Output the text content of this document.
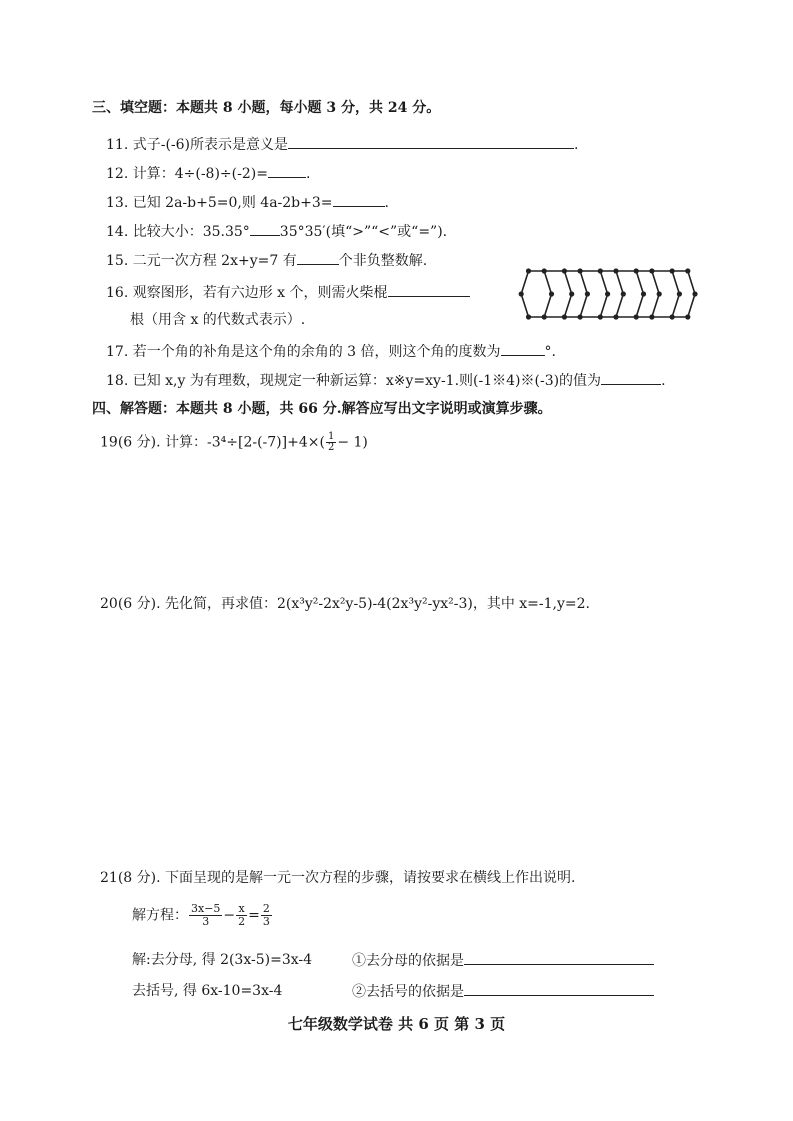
三、填空题：本题共 8 小题，每小题 3 分，共 24 分。
11. 式子-(-6)所表示是意义是	.
12. 计算：4÷(-8)÷(-2)=	.
13. 已知 2a-b+5=0,则 4a-2b+3=	.
14. 比较大小：35.35° 35°35′(填“>”“<”或“=”).
15. 二元一次方程 2x+y=7 有	个非负整数解.
16. 观察图形，若有六边形 x 个，则需火柴棍
根（用含 x 的代数式表示）.
17. 若一个角的补角是这个角的余角的 3 倍，则这个角的度数为	°.
18. 已知 x,y 为有理数，现规定一种新运算：x※y=xy-1.则(-1※4)※(-3)的值为	.
四、解答题：本题共 8 小题，共 66 分.解答应写出文字说明或演算步骤。
19(6 分). 计算：$-3^4\div[2-(-7)]+4\times( \frac{1}{2} - 1)$
20(6 分). 先化简，再求值：2(x³y²-2x²y-5)-4(2x³y²-yx²-3)，其中 x=-1,y=2.
21(8 分). 下面呈现的是解一元一次方程的步骤，请按要求在横线上作出说明.
解方程： $\frac{3x-5}{3} - \frac{x}{2} = \frac{2}{3}$
解:去分母, 得 2(3x-5)=3x-4	①去分母的依据是
去括号, 得 6x-10=3x-4	②去括号的依据是
七年级数学试卷 共 6 页 第 3 页
